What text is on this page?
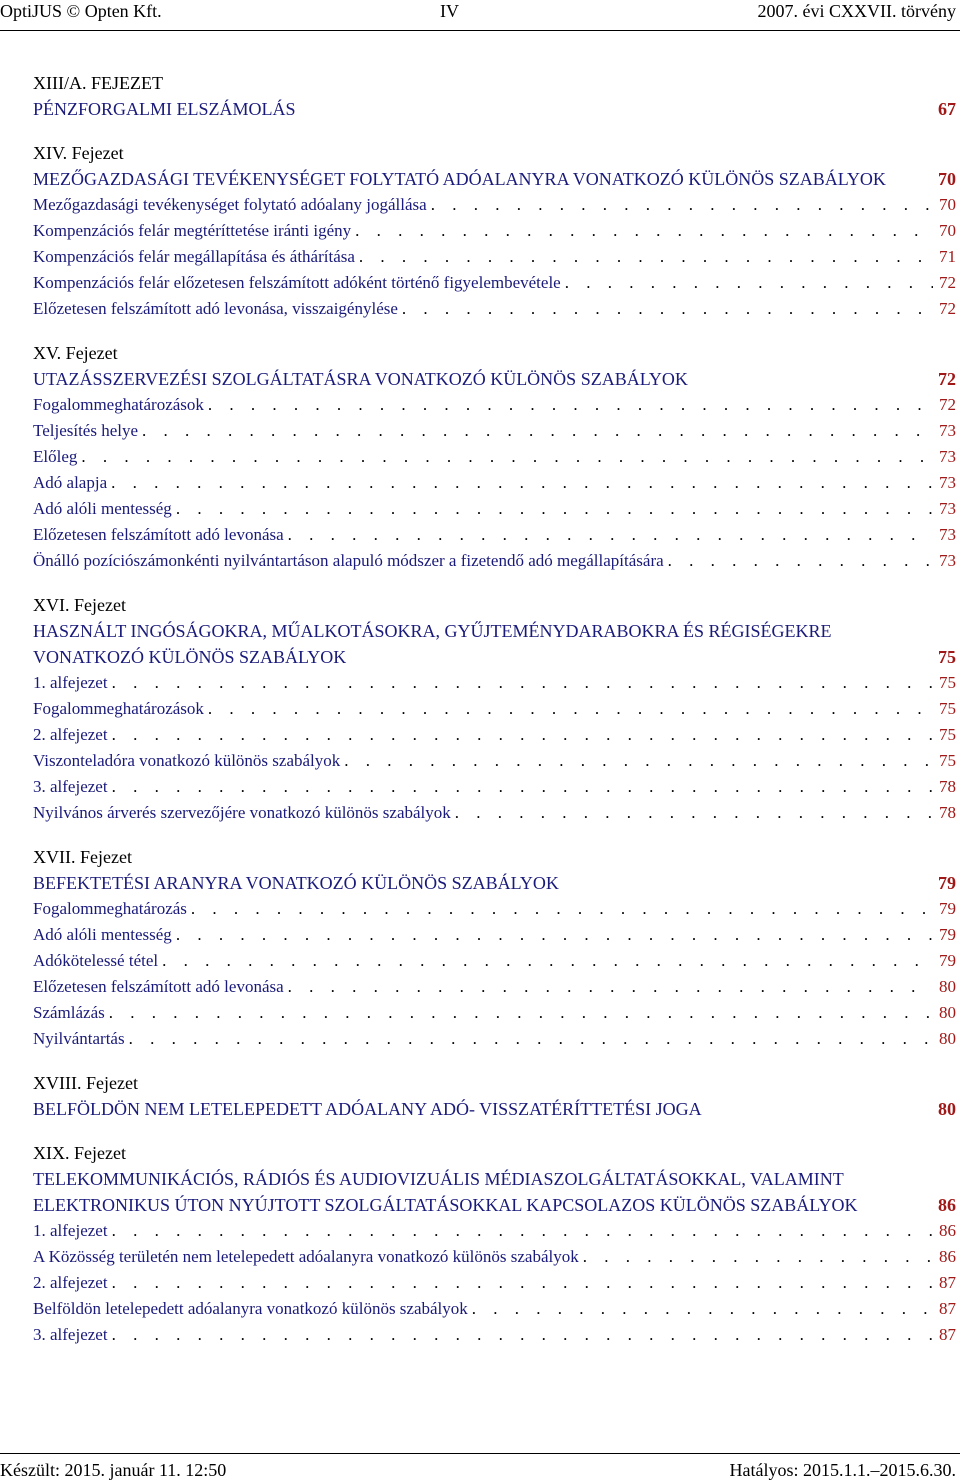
OptiJUS © Opten Kft.	IV	2007. évi CXXVII. törvény
XIII/A. FEJEZET
PÉNZFORGALMI ELSZÁMOLÁS	67
XIV. Fejezet
MEZŐGAZDASÁGI TEVÉKENYSÉGET FOLYTATÓ ADÓALANYRA VONATKOZÓ KÜLÖNÖS SZABÁLYOK	70
Mezőgazdasági tevékenységet folytató adóalany jogállása . . .	70
Kompenzációs felár megtéríttetése iránti igény . . .	70
Kompenzációs felár megállapítása és áthárítása . . .	71
Kompenzációs felár előzetesen felszámított adóként történő figyelembevétele . . .	72
Előzetesen felszámított adó levonása, visszaigénylése . . .	72
XV. Fejezet
UTAZÁSSZERVEZÉSI SZOLGÁLTATÁSRA VONATKOZÓ KÜLÖNÖS SZABÁLYOK	72
Fogalommeghatározások . . .	72
Teljesítés helye . . .	73
Előleg . . .	73
Adó alapja . . .	73
Adó alóli mentesség . . .	73
Előzetesen felszámított adó levonása . . .	73
Önálló pozíciószámonkénti nyilvántartáson alapuló módszer a fizetendő adó megállapítására . . .	73
XVI. Fejezet
HASZNÁLT INGÓSÁGOKRA, MŰALKOTÁSOKRA, GYŰJTEMÉNYDARABOKRA ÉS RÉGISÉGEKRE VONATKOZÓ KÜLÖNÖS SZABÁLYOK	75
1. alfejezet . . .	75
Fogalommeghatározások . . .	75
2. alfejezet . . .	75
Viszonteladóra vonatkozó különös szabályok . . .	75
3. alfejezet . . .	78
Nyilvános árverés szervezőjére vonatkozó különös szabályok . . .	78
XVII. Fejezet
BEFEKTETÉSI ARANYRA VONATKOZÓ KÜLÖNÖS SZABÁLYOK	79
Fogalommeghatározás . . .	79
Adó alóli mentesség . . .	79
Adókötelessé tétel . . .	79
Előzetesen felszámított adó levonása . . .	80
Számlázás . . .	80
Nyilvántartás . . .	80
XVIII. Fejezet
BELFÖLDÖN NEM LETELEPEDETT ADÓALANY ADÓ- VISSZATÉRÍTTETÉSI JOGA	80
XIX. Fejezet
TELEKOMMUNIKÁCIÓS, RÁDIÓS ÉS AUDIOVIZUÁLIS MÉDIASZOLGÁLTATÁSOKKAL, VALAMINT ELEKTRONIKUS ÚTON NYÚJTOTT SZOLGÁLTATÁSOKKAL KAPCSOLAZOS KÜLÖNÖS SZABÁLYOK	86
1. alfejezet . . .	86
A Közösség területén nem letelepedett adóalanyra vonatkozó különös szabályok . . .	86
2. alfejezet . . .	87
Belföldön letelepedett adóalanyra vonatkozó különös szabályok . . .	87
3. alfejezet . . .	87
Készült: 2015. január 11. 12:50	Hatályos: 2015.1.1.–2015.6.30.
